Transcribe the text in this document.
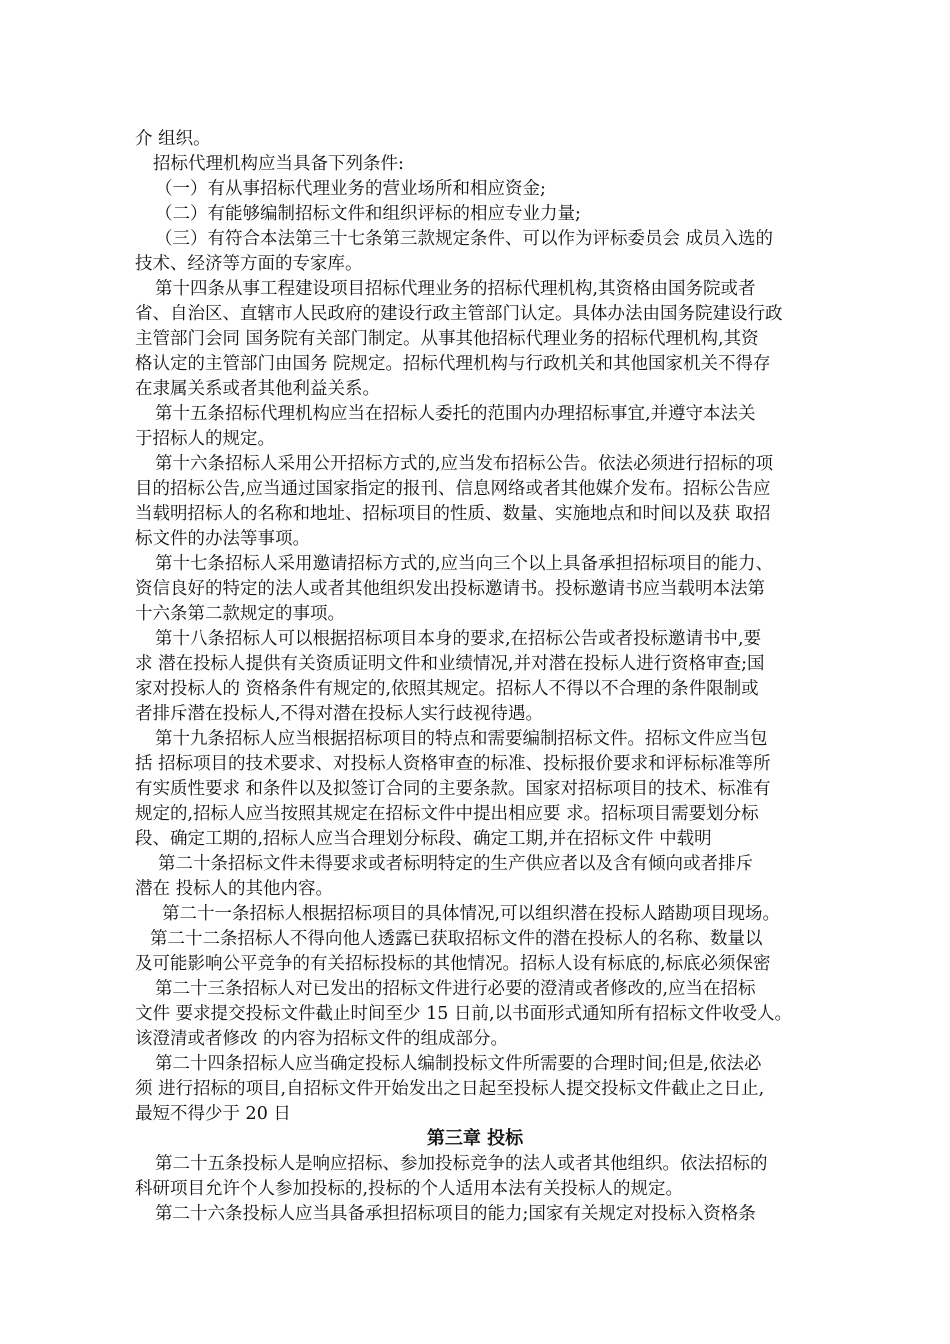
介 组织。
招标代理机构应当具备下列条件:
（一）有从事招标代理业务的营业场所和相应资金;
（二）有能够编制招标文件和组织评标的相应专业力量;
（三）有符合本法第三十七条第三款规定条件、可以作为评标委员会 成员入选的
技术、经济等方面的专家库。
第十四条从事工程建设项目招标代理业务的招标代理机构,其资格由国务院或者
省、自治区、直辖市人民政府的建设行政主管部门认定。具体办法由国务院建设行政
主管部门会同 国务院有关部门制定。从事其他招标代理业务的招标代理机构,其资
格认定的主管部门由国务 院规定。招标代理机构与行政机关和其他国家机关不得存
在隶属关系或者其他利益关系。
第十五条招标代理机构应当在招标人委托的范围内办理招标事宜,并遵守本法关
于招标人的规定。
第十六条招标人采用公开招标方式的,应当发布招标公告。依法必须进行招标的项
目的招标公告,应当通过国家指定的报刊、信息网络或者其他媒介发布。招标公告应
当载明招标人的名称和地址、招标项目的性质、数量、实施地点和时间以及获 取招
标文件的办法等事项。
第十七条招标人采用邀请招标方式的,应当向三个以上具备承担招标项目的能力、
资信良好的特定的法人或者其他组织发出投标邀请书。投标邀请书应当载明本法第
十六条第二款规定的事项。
第十八条招标人可以根据招标项目本身的要求,在招标公告或者投标邀请书中,要
求 潜在投标人提供有关资质证明文件和业绩情况,并对潜在投标人进行资格审查;国
家对投标人的 资格条件有规定的,依照其规定。招标人不得以不合理的条件限制或
者排斥潜在投标人,不得对潜在投标人实行歧视待遇。
第十九条招标人应当根据招标项目的特点和需要编制招标文件。招标文件应当包
括 招标项目的技术要求、对投标人资格审查的标准、投标报价要求和评标标准等所
有实质性要求 和条件以及拟签订合同的主要条款。国家对招标项目的技术、标准有
规定的,招标人应当按照其规定在招标文件中提出相应要 求。招标项目需要划分标
段、确定工期的,招标人应当合理划分标段、确定工期,并在招标文件 中载明
第二十条招标文件未得要求或者标明特定的生产供应者以及含有倾向或者排斥
潜在 投标人的其他内容。
第二十一条招标人根据招标项目的具体情况,可以组织潜在投标人踏勘项目现场。
第二十二条招标人不得向他人透露已获取招标文件的潜在投标人的名称、数量以
及可能影响公平竞争的有关招标投标的其他情况。招标人设有标底的,标底必须保密
第二十三条招标人对已发出的招标文件进行必要的澄清或者修改的,应当在招标
文件 要求提交投标文件截止时间至少 15 日前,以书面形式通知所有招标文件收受人。
该澄清或者修改 的内容为招标文件的组成部分。
第二十四条招标人应当确定投标人编制投标文件所需要的合理时间;但是,依法必
须 进行招标的项目,自招标文件开始发出之日起至投标人提交投标文件截止之日止,
最短不得少于 20 日
第三章 投标
第二十五条投标人是响应招标、参加投标竞争的法人或者其他组织。依法招标的
科研项目允许个人参加投标的,投标的个人适用本法有关投标人的规定。
第二十六条投标人应当具备承担招标项目的能力;国家有关规定对投标入资格条
